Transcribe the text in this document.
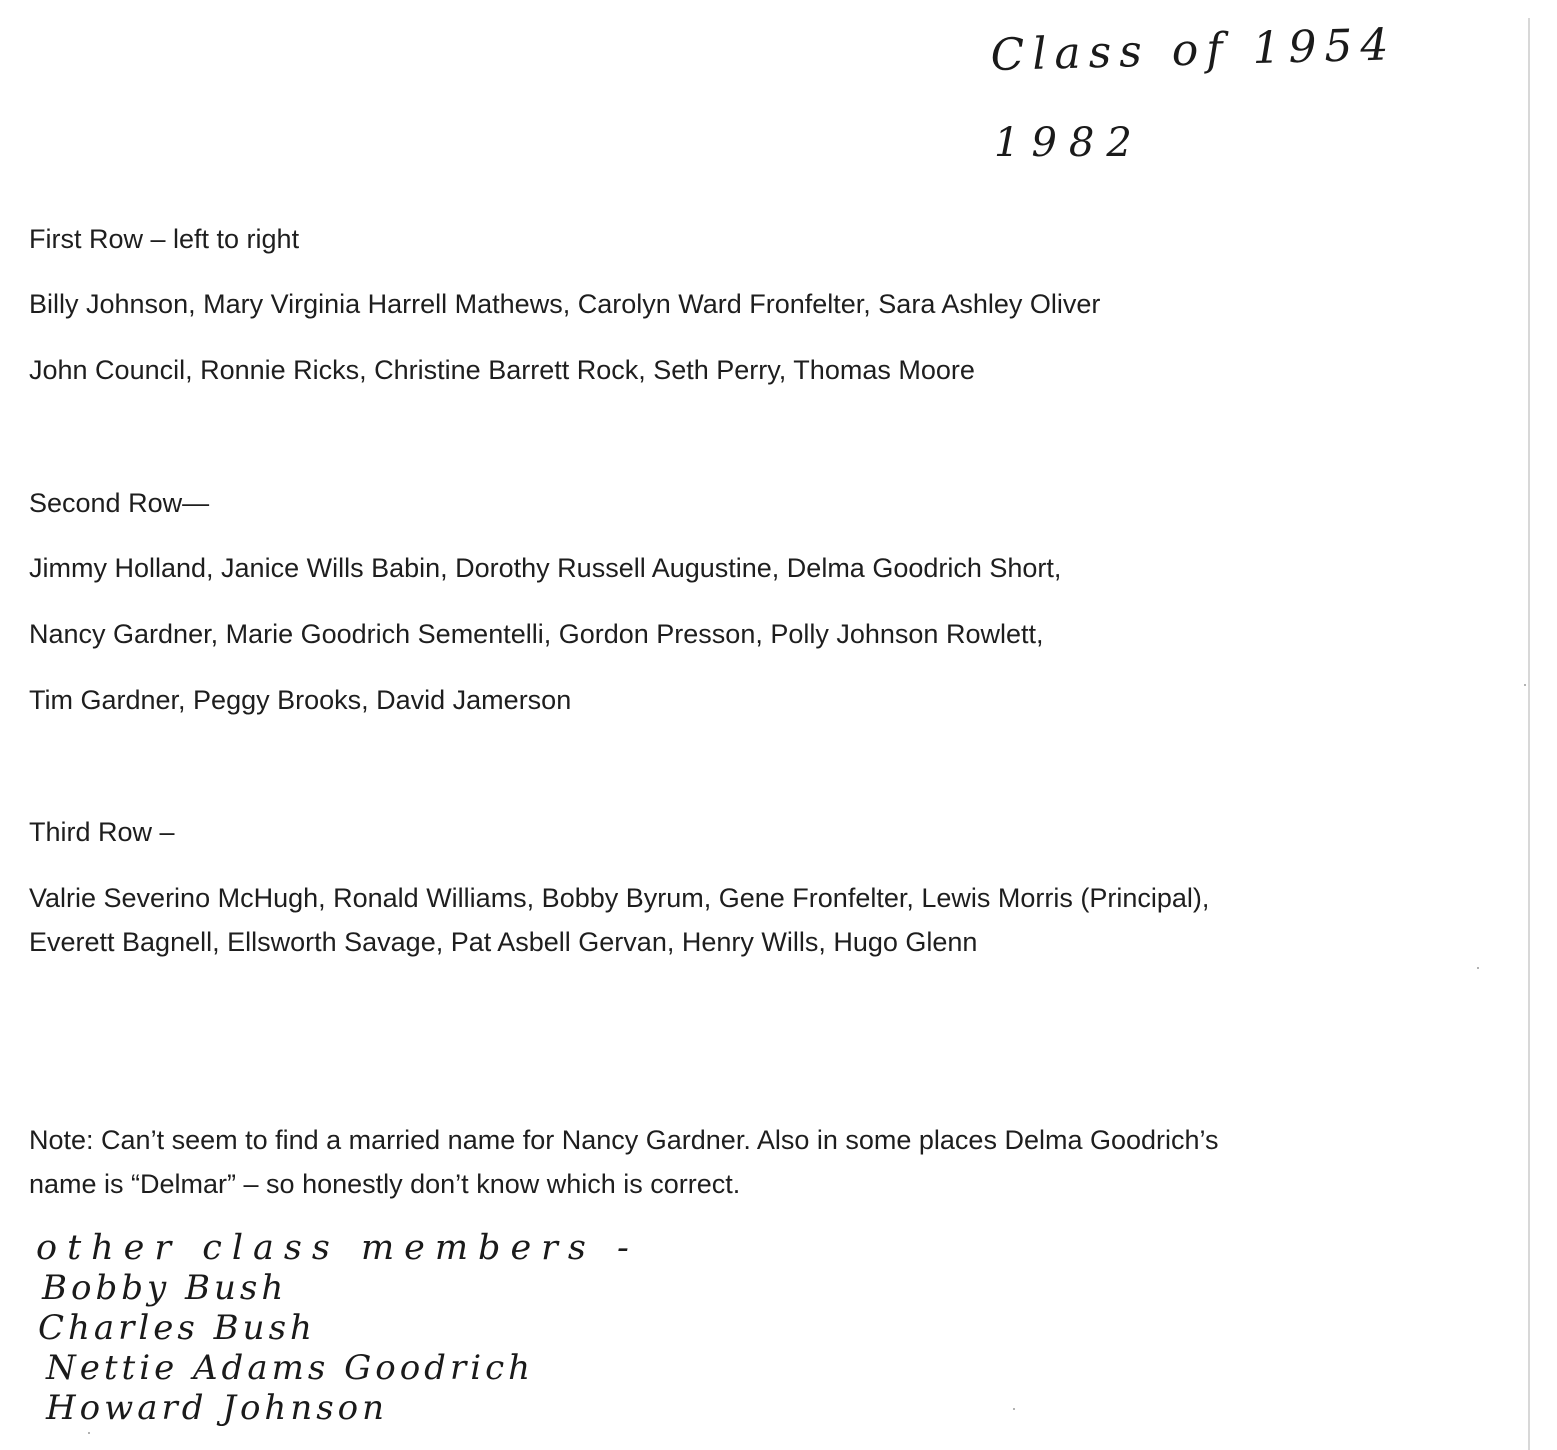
Class of 1954

1982

First Row – left to right

Billy Johnson, Mary Virginia Harrell Mathews, Carolyn Ward Fronfelter, Sara Ashley Oliver

John Council, Ronnie Ricks, Christine Barrett Rock, Seth Perry, Thomas Moore

Second Row—

Jimmy Holland, Janice Wills Babin, Dorothy Russell Augustine, Delma Goodrich Short,

Nancy Gardner, Marie Goodrich Sementelli, Gordon Presson, Polly Johnson Rowlett,

Tim Gardner, Peggy Brooks, David Jamerson

Third Row –

Valrie Severino McHugh, Ronald Williams, Bobby Byrum, Gene Fronfelter, Lewis Morris (Principal), Everett Bagnell, Ellsworth Savage, Pat Asbell Gervan, Henry Wills, Hugo Glenn

Note: Can’t seem to find a married name for Nancy Gardner. Also in some places Delma Goodrich’s name is “Delmar” – so honestly don’t know which is correct.

other class members -
Bobby Bush
Charles Bush
Nettie Adams Goodrich
Howard Johnson
